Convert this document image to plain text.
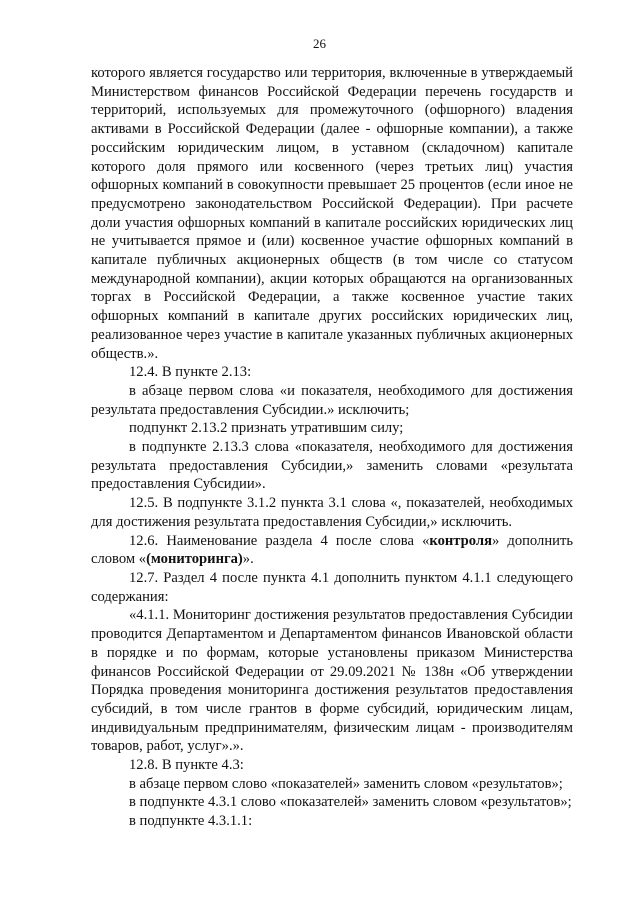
26

которого является государство или территория, включенные в утверждаемый Министерством финансов Российской Федерации перечень государств и территорий, используемых для промежуточного (офшорного) владения активами в Российской Федерации (далее - офшорные компании), а также российским юридическим лицом, в уставном (складочном) капитале которого доля прямого или косвенного (через третьих лиц) участия офшорных компаний в совокупности превышает 25 процентов (если иное не предусмотрено законодательством Российской Федерации). При расчете доли участия офшорных компаний в капитале российских юридических лиц не учитывается прямое и (или) косвенное участие офшорных компаний в капитале публичных акционерных обществ (в том числе со статусом международной компании), акции которых обращаются на организованных торгах в Российской Федерации, а также косвенное участие таких офшорных компаний в капитале других российских юридических лиц, реализованное через участие в капитале указанных публичных акционерных обществ.».

12.4. В пункте 2.13:

в абзаце первом слова «и показателя, необходимого для достижения результата предоставления Субсидии.» исключить;

подпункт 2.13.2 признать утратившим силу;

в подпункте 2.13.3 слова «показателя, необходимого для достижения результата предоставления Субсидии,» заменить словами «результата предоставления Субсидии».

12.5. В подпункте 3.1.2 пункта 3.1 слова «, показателей, необходимых для достижения результата предоставления Субсидии,» исключить.

12.6. Наименование раздела 4 после слова «контроля» дополнить словом «(мониторинга)».

12.7. Раздел 4 после пункта 4.1 дополнить пунктом 4.1.1 следующего содержания:

«4.1.1. Мониторинг достижения результатов предоставления Субсидии проводится Департаментом и Департаментом финансов Ивановской области в порядке и по формам, которые установлены приказом Министерства финансов Российской Федерации от 29.09.2021 № 138н «Об утверждении Порядка проведения мониторинга достижения результатов предоставления субсидий, в том числе грантов в форме субсидий, юридическим лицам, индивидуальным предпринимателям, физическим лицам - производителям товаров, работ, услуг».».

12.8. В пункте 4.3:

в абзаце первом слово «показателей» заменить словом «результатов»;

в подпункте 4.3.1 слово «показателей» заменить словом «результатов»;

в подпункте 4.3.1.1:
